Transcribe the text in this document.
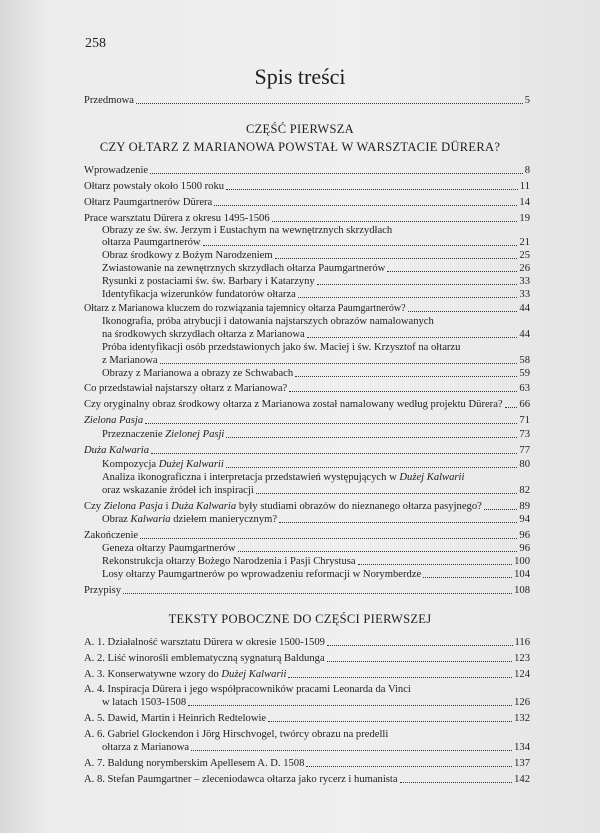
258
Spis treści
Przedmowa	5
CZĘŚĆ PIERWSZA
CZY OŁTARZ Z MARIANOWA POWSTAŁ W WARSZTACIE DÜRERA?
Wprowadzenie	8
Ołtarz powstały około 1500 roku	11
Ołtarz Paumgartnerów Dürera	14
Prace warsztatu Dürera z okresu 1495-1506	19
Obrazy ze św. św. Jerzym i Eustachym na wewnętrznych skrzydłach
ołtarza Paumgartnerów	21
Obraz środkowy z Bożym Narodzeniem	25
Zwiastowanie na zewnętrznych skrzydłach ołtarza Paumgartnerów	26
Rysunki z postaciami św. św. Barbary i Katarzyny	33
Identyfikacja wizerunków fundatorów ołtarza	33
Ołtarz z Marianowa kluczem do rozwiązania tajemnicy ołtarza Paumgartnerów?	44
Ikonografia, próba atrybucji i datowania najstarszych obrazów namalowanych
na środkowych skrzydłach ołtarza z Marianowa	44
Próba identyfikacji osób przedstawionych jako św. Maciej i św. Krzysztof na ołtarzu
z Marianowa	58
Obrazy z Marianowa a obrazy ze Schwabach	59
Co przedstawiał najstarszy ołtarz z Marianowa?	63
Czy oryginalny obraz środkowy ołtarza z Marianowa został namalowany według projektu Dürera? 66
Zielona Pasja	71
Przeznaczenie Zielonej Pasji	73
Duża Kalwaria	77
Kompozycja Dużej Kalwarii	80
Analiza ikonograficzna i interpretacja przedstawień występujących w Dużej Kalwarii
oraz wskazanie źródeł ich inspiracji	82
Czy Zielona Pasja i Duża Kalwaria były studiami obrazów do nieznanego ołtarza pasyjnego?	89
Obraz Kalwaria dziełem manierycznym?	94
Zakończenie	96
Geneza ołtarzy Paumgartnerów	96
Rekonstrukcja ołtarzy Bożego Narodzenia i Pasji Chrystusa	100
Losy ołtarzy Paumgartnerów po wprowadzeniu reformacji w Norymberdze	104
Przypisy	108
TEKSTY POBOCZNE DO CZĘŚCI PIERWSZEJ
A. 1. Działalność warsztatu Dürera w okresie 1500-1509	116
A. 2. Liść winorośli emblematyczną sygnaturą Baldunga	123
A. 3. Konserwatywne wzory do Dużej Kalwarii	124
A. 4. Inspiracja Dürera i jego współpracowników pracami Leonarda da Vinci
w latach 1503-1508	126
A. 5. Dawid, Martin i Heinrich Redtelowie	132
A. 6. Gabriel Glockendon i Jörg Hirschvogel, twórcy obrazu na predelli
ołtarza z Marianowa	134
A. 7. Baldung norymberskim Apellesem A. D. 1508	137
A. 8. Stefan Paumgartner – zleceniodawca ołtarza jako rycerz i humanista	142
